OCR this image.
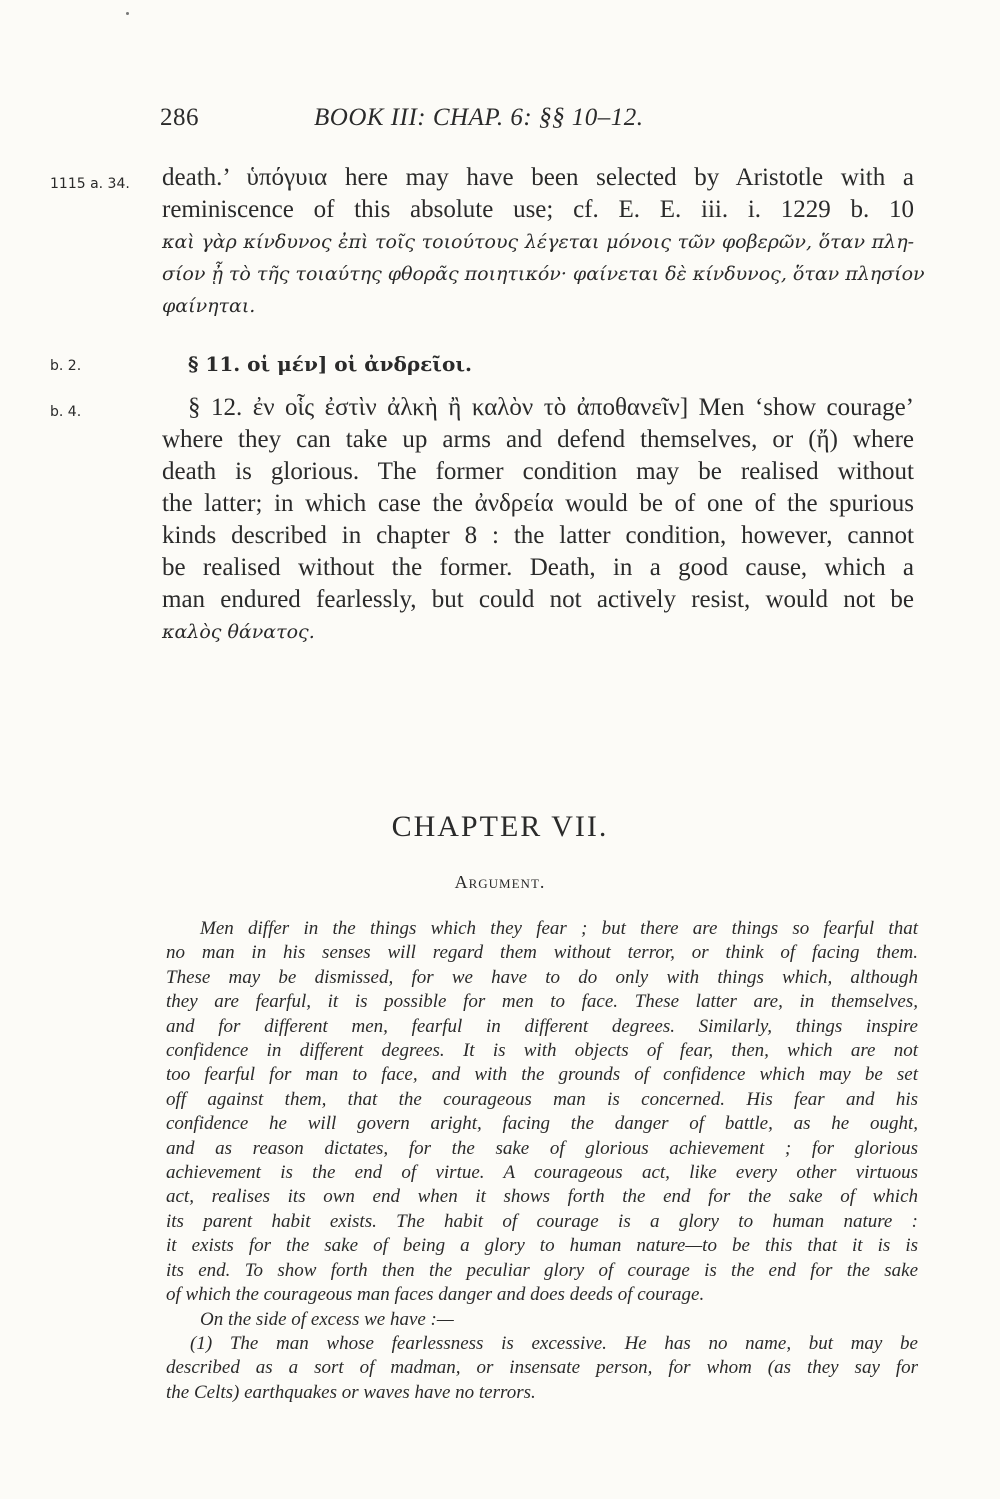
286	BOOK III: CHAP. 6: §§ 10–12.
1115 a. 34.	death.’ ὑπόγυια here may have been selected by Aristotle with a
reminiscence of this absolute use; cf. E. E. iii. i. 1229 b. 10
καὶ γὰρ κίνδυνος ἐπὶ τοῖς τοιούτους λέγεται μόνοις τῶν φοβερῶν, ὅταν πλη-
σίον ᾖ τὸ τῆς τοιαύτης φθορᾶς ποιητικόν· φαίνεται δὲ κίνδυνος, ὅταν πλησίον
φαίνηται.
b. 2.	§ 11. οἱ μέν] οἱ ἀνδρεῖοι.
b. 4.	§ 12. ἐν οἷς ἐστὶν ἀλκὴ ἢ καλὸν τὸ ἀποθανεῖν] Men ‘show courage’
where they can take up arms and defend themselves, or (ἤ) where
death is glorious. The former condition may be realised without
the latter; in which case the ἀνδρεία would be of one of the spurious
kinds described in chapter 8 : the latter condition, however, cannot
be realised without the former. Death, in a good cause, which a
man endured fearlessly, but could not actively resist, would not be
καλὸς θάνατος.
CHAPTER VII.
Argument.
Men differ in the things which they fear ; but there are things so fearful that
no man in his senses will regard them without terror, or think of facing them.
These may be dismissed, for we have to do only with things which, although
they are fearful, it is possible for men to face. These latter are, in themselves,
and for different men, fearful in different degrees. Similarly, things inspire
confidence in different degrees. It is with objects of fear, then, which are not
too fearful for man to face, and with the grounds of confidence which may be set
off against them, that the courageous man is concerned. His fear and his
confidence he will govern aright, facing the danger of battle, as he ought,
and as reason dictates, for the sake of glorious achievement ; for glorious
achievement is the end of virtue. A courageous act, like every other virtuous
act, realises its own end when it shows forth the end for the sake of which
its parent habit exists. The habit of courage is a glory to human nature :
it exists for the sake of being a glory to human nature—to be this that it is is
its end. To show forth then the peculiar glory of courage is the end for the sake
of which the courageous man faces danger and does deeds of courage.
On the side of excess we have :—
(1) The man whose fearlessness is excessive. He has no name, but may be
described as a sort of madman, or insensate person, for whom (as they say for
the Celts) earthquakes or waves have no terrors.
